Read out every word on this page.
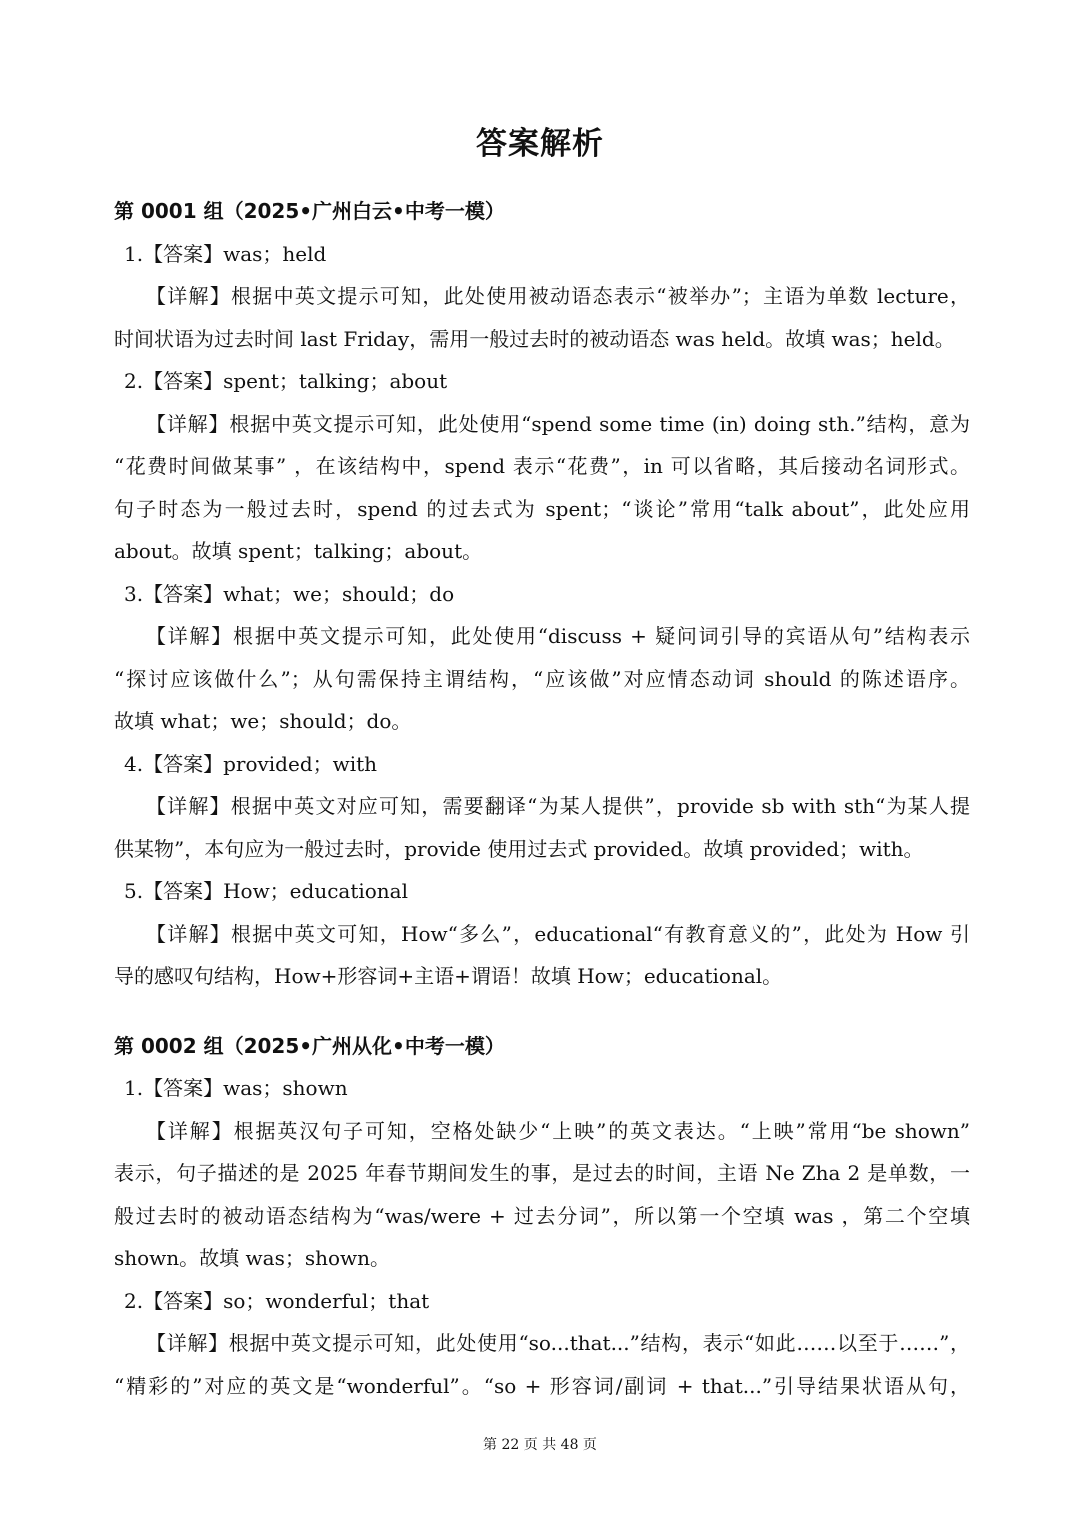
答案解析
第 0001 组（2025•广州白云•中考一模）
1.【答案】was；held
【详解】根据中英文提示可知，此处使用被动语态表示“被举办”；主语为单数 lecture，
时间状语为过去时间 last Friday，需用一般过去时的被动语态 was held。故填 was；held。
2.【答案】spent；talking；about
【详解】根据中英文提示可知，此处使用“spend some time (in) doing sth.”结构，意为
“花费时间做某事” ，在该结构中，spend 表示“花费”，in 可以省略，其后接动名词形式。
句子时态为一般过去时，spend 的过去式为 spent；“谈论”常用“talk about”，此处应用
about。故填 spent；talking；about。
3.【答案】what；we；should；do
【详解】根据中英文提示可知，此处使用“discuss + 疑问词引导的宾语从句”结构表示
“探讨应该做什么”；从句需保持主谓结构，“应该做”对应情态动词 should 的陈述语序。
故填 what；we；should；do。
4.【答案】provided；with
【详解】根据中英文对应可知，需要翻译“为某人提供”，provide sb with sth“为某人提
供某物”，本句应为一般过去时，provide 使用过去式 provided。故填 provided；with。
5.【答案】How；educational
【详解】根据中英文可知，How“多么”，educational“有教育意义的”，此处为 How 引
导的感叹句结构，How+形容词+主语+谓语！故填 How；educational。
第 0002 组（2025•广州从化•中考一模）
1.【答案】was；shown
【详解】根据英汉句子可知，空格处缺少“上映”的英文表达。“上映”常用“be shown”
表示，句子描述的是 2025 年春节期间发生的事，是过去的时间，主语 Ne Zha 2 是单数，一
般过去时的被动语态结构为“was/were + 过去分词”，所以第一个空填 was ，第二个空填
shown。故填 was；shown。
2.【答案】so；wonderful；that
【详解】根据中英文提示可知，此处使用“so...that...”结构，表示“如此……以至于……”，
“精彩的”对应的英文是“wonderful”。“so + 形容词/副词 + that...”引导结果状语从句，
第 22 页 共 48 页
